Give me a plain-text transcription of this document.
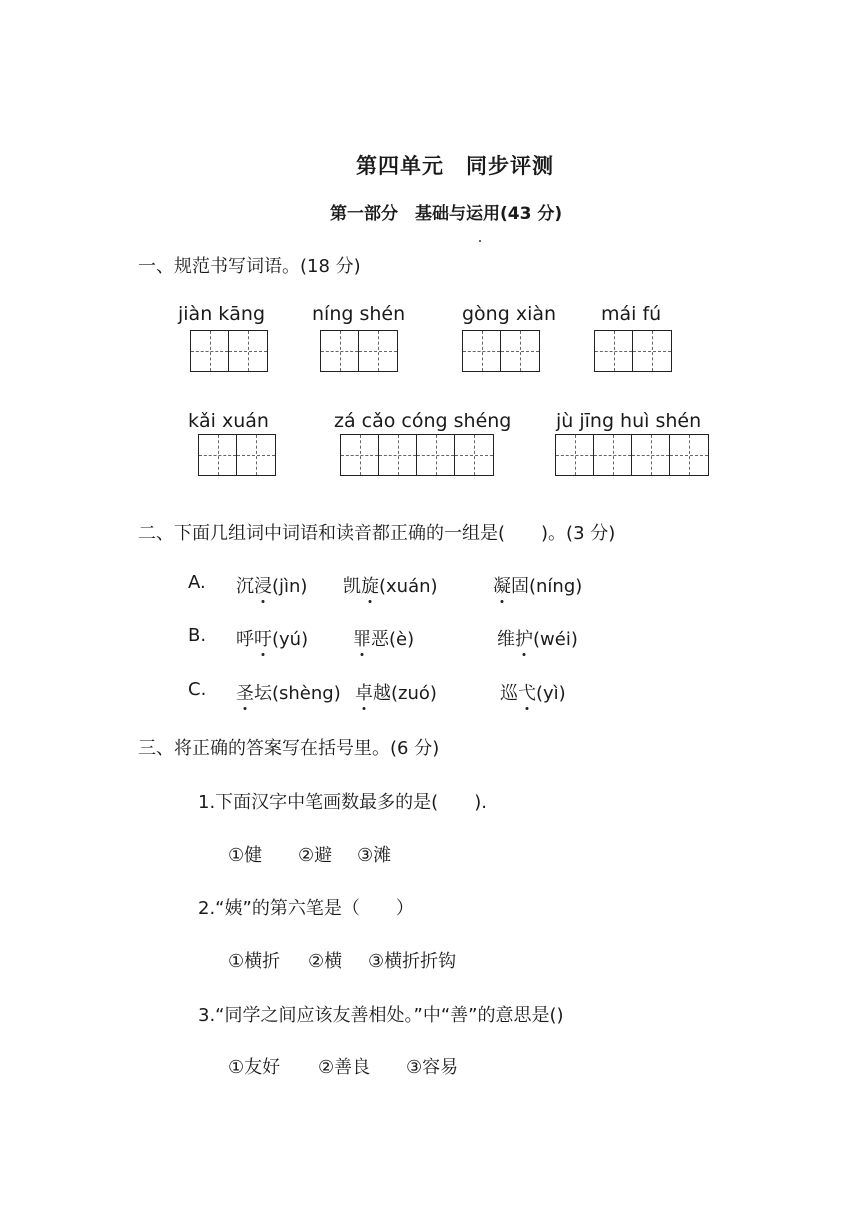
第四单元　同步评测
第一部分　基础与运用(43 分)
一、规范书写词语。(18 分)
jiàn kāng níng shén	gòng xiàn mái fú
kǎi xuán	zá cǎo cóng shéng jù jīng huì shén
二、下面几组词中词语和读音都正确的一组是(　　)。(3 分)
A. 沉浸(jìn) 凯旋(xuán)	凝固(níng)
B. 呼吁(yú) 罪恶(è)	维护(wéi)
C. 圣坛(shèng) 卓越(zuó)	巡弋(yì)
三、将正确的答案写在括号里。(6 分)
1.下面汉字中笔画数最多的是(　　).
①健 ②避 ③滩
2.“姨”的第六笔是（　　）
①横折 ②横 ③横折折钩
3.“同学之间应该友善相处。”中“善”的意思是()
①友好 ②善良 ③容易
